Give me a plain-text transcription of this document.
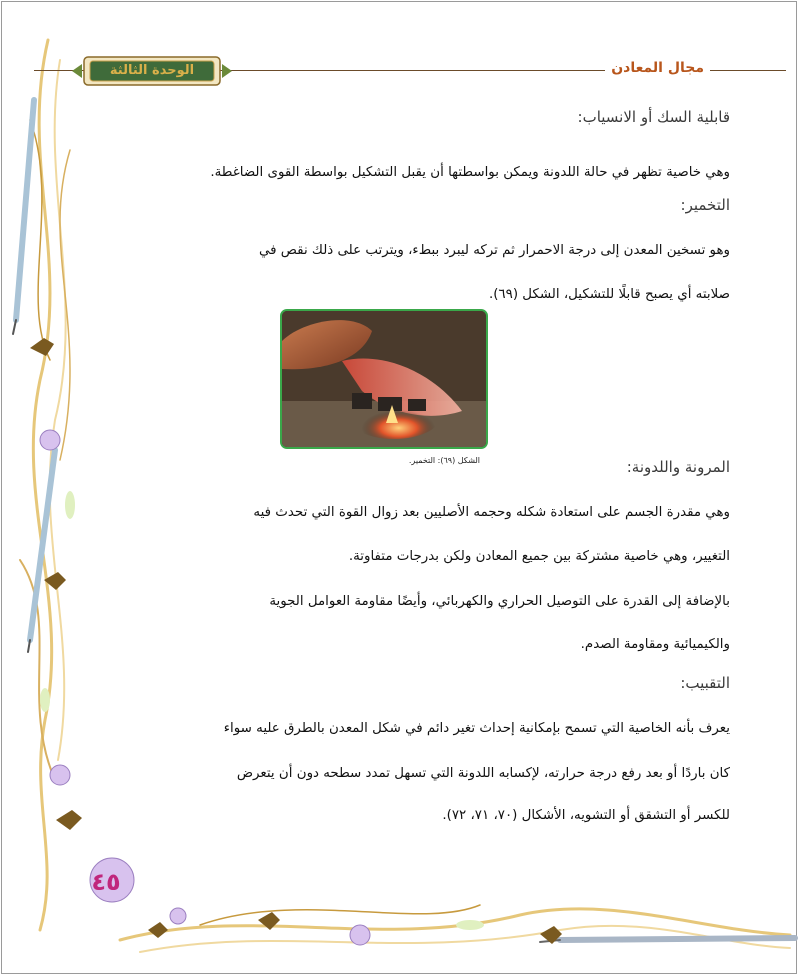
مجال المعادن
الوحدة الثالثة
قابلية السك أو الانسياب:
وهي خاصية تظهر في حالة اللدونة ويمكن بواسطتها أن يقبل التشكيل بواسطة القوى الضاغطة.
التخمير:
وهو تسخين المعدن إلى درجة الاحمرار ثم تركه ليبرد ببطء، ويترتب على ذلك نقص في
صلابته أي يصبح قابلًا للتشكيل، الشكل (٦٩).
المرونة واللدونة:
وهي مقدرة الجسم على استعادة شكله وحجمه الأصليين بعد زوال القوة التي تحدث فيه
التغيير، وهي خاصية مشتركة بين جميع المعادن ولكن بدرجات متفاوتة.
بالإضافة إلى القدرة على التوصيل الحراري والكهربائي، وأيضًا مقاومة العوامل الجوية
والكيميائية ومقاومة الصدم.
التقبيب:
يعرف بأنه الخاصية التي تسمح بإمكانية إحداث تغير دائم في شكل المعدن بالطرق عليه سواء
كان باردًا أو بعد رفع درجة حرارته، لإكسابه اللدونة التي تسهل تمدد سطحه دون أن يتعرض
للكسر أو التشقق أو التشويه، الأشكال (٧٠، ٧١، ٧٢).
الشكل (٦٩): التخمير.
٤٥
